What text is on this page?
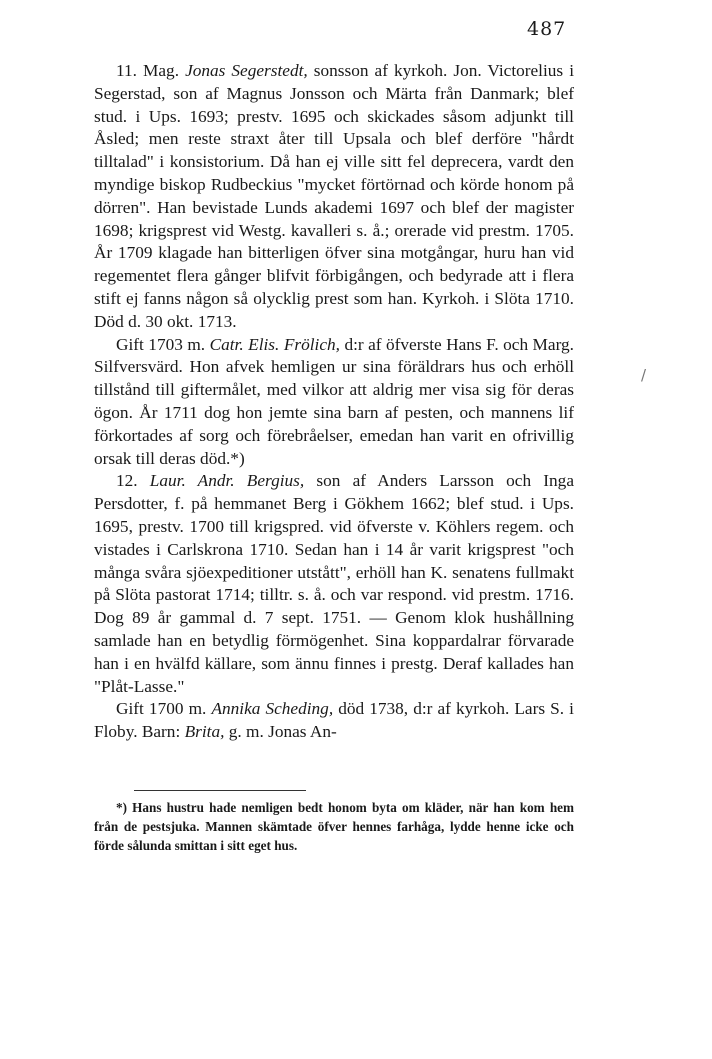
487

11. Mag. Jonas Segerstedt, sonsson af kyrkoh. Jon. Victorelius i Segerstad, son af Magnus Jonsson och Märta från Danmark; blef stud. i Ups. 1693; prestv. 1695 och skickades såsom adjunkt till Åsled; men reste straxt åter till Upsala och blef derföre "hårdt tilltalad" i konsistorium. Då han ej ville sitt fel deprecera, vardt den myndige biskop Rudbeckius "mycket förtörnad och körde honom på dörren". Han bevistade Lunds akademi 1697 och blef der magister 1698; krigsprest vid Westg. kavalleri s. å.; orerade vid prestm. 1705. År 1709 klagade han bitterligen öfver sina motgångar, huru han vid regementet flera gånger blifvit förbigången, och bedyrade att i flera stift ej fanns någon så olycklig prest som han. Kyrkoh. i Slöta 1710. Död d. 30 okt. 1713.

Gift 1703 m. Catr. Elis. Frölich, d:r af öfverste Hans F. och Marg. Silfversvärd. Hon afvek hemligen ur sina föräldrars hus och erhöll tillstånd till giftermålet, med vilkor att aldrig mer visa sig för deras ögon. År 1711 dog hon jemte sina barn af pesten, och mannens lif förkortades af sorg och förebråelser, emedan han varit en ofrivillig orsak till deras död.*)

12. Laur. Andr. Bergius, son af Anders Larsson och Inga Persdotter, f. på hemmanet Berg i Gökhem 1662; blef stud. i Ups. 1695, prestv. 1700 till krigspred. vid öfverste v. Köhlers regem. och vistades i Carlskrona 1710. Sedan han i 14 år varit krigsprest "och många svåra sjöexpeditioner utstått", erhöll han K. senatens fullmakt på Slöta pastorat 1714; tilltr. s. å. och var respond. vid prestm. 1716. Dog 89 år gammal d. 7 sept. 1751. — Genom klok hushållning samlade han en betydlig förmögenhet. Sina koppardalrar förvarade han i en hvälfd källare, som ännu finnes i prestg. Deraf kallades han "Plåt-Lasse."

Gift 1700 m. Annika Scheding, död 1738, d:r af kyrkoh. Lars S. i Floby. Barn: Brita, g. m. Jonas An-

/

*) Hans hustru hade nemligen bedt honom byta om kläder, när han kom hem från de pestsjuka. Mannen skämtade öfver hennes farhåga, lydde henne icke och förde sålunda smittan i sitt eget hus.
